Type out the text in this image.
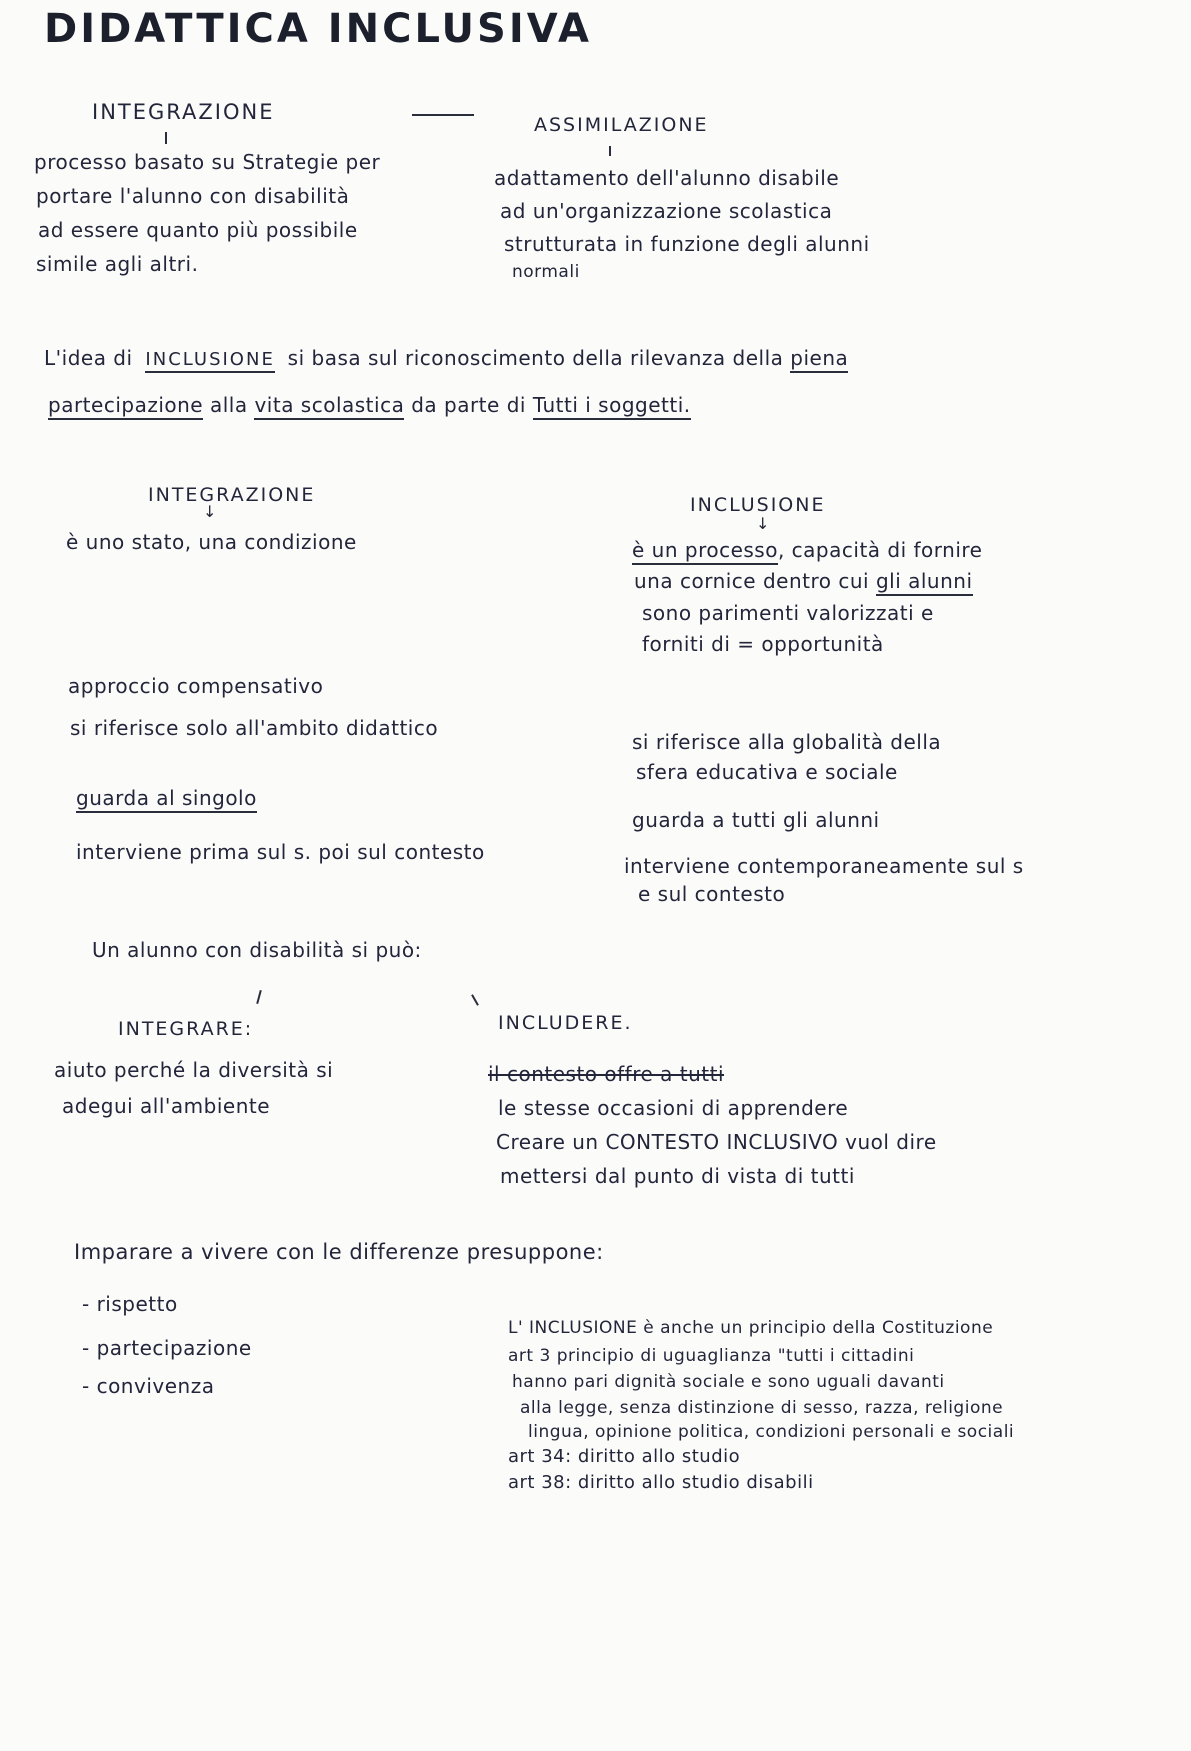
DIDATTICA INCLUSIVA
INTEGRAZIONE
ASSIMILAZIONE
processo basato su Strategie per
portare l'alunno con disabilità
ad essere quanto più possibile
simile agli altri.
adattamento dell'alunno disabile
ad un'organizzazione scolastica
strutturata in funzione degli alunni
normali
L'idea di INCLUSIONE si basa sul riconoscimento della rilevanza della piena
partecipazione alla vita scolastica da parte di Tutti i soggetti.
INTEGRAZIONE
↓	INCLUSIONE
↓
è uno stato, una condizione	è un processo, capacità di fornire
una cornice dentro cui gli alunni
sono parimenti valorizzati e
forniti di = opportunità
approccio compensativo
si riferisce solo all'ambito didattico
guarda al singolo
interviene prima sul s. poi sul contesto
si riferisce alla globalità della
sfera educativa e sociale
guarda a tutti gli alunni
interviene contemporaneamente sul s
e sul contesto
Un alunno con disabilità si può:
INTEGRARE:	INCLUDERE.
aiuto perché la diversità si
adegui all'ambiente
il contesto offre a tutti
le stesse occasioni di apprendere
Creare un CONTESTO INCLUSIVO vuol dire
mettersi dal punto di vista di tutti
Imparare a vivere con le differenze presuppone:
- rispetto
- partecipazione
- convivenza
L' INCLUSIONE è anche un principio della Costituzione
art 3 principio di uguaglianza "tutti i cittadini
hanno pari dignità sociale e sono uguali davanti
alla legge, senza distinzione di sesso, razza, religione
lingua, opinione politica, condizioni personali e sociali
art 34: diritto allo studio
art 38: diritto allo studio disabili
